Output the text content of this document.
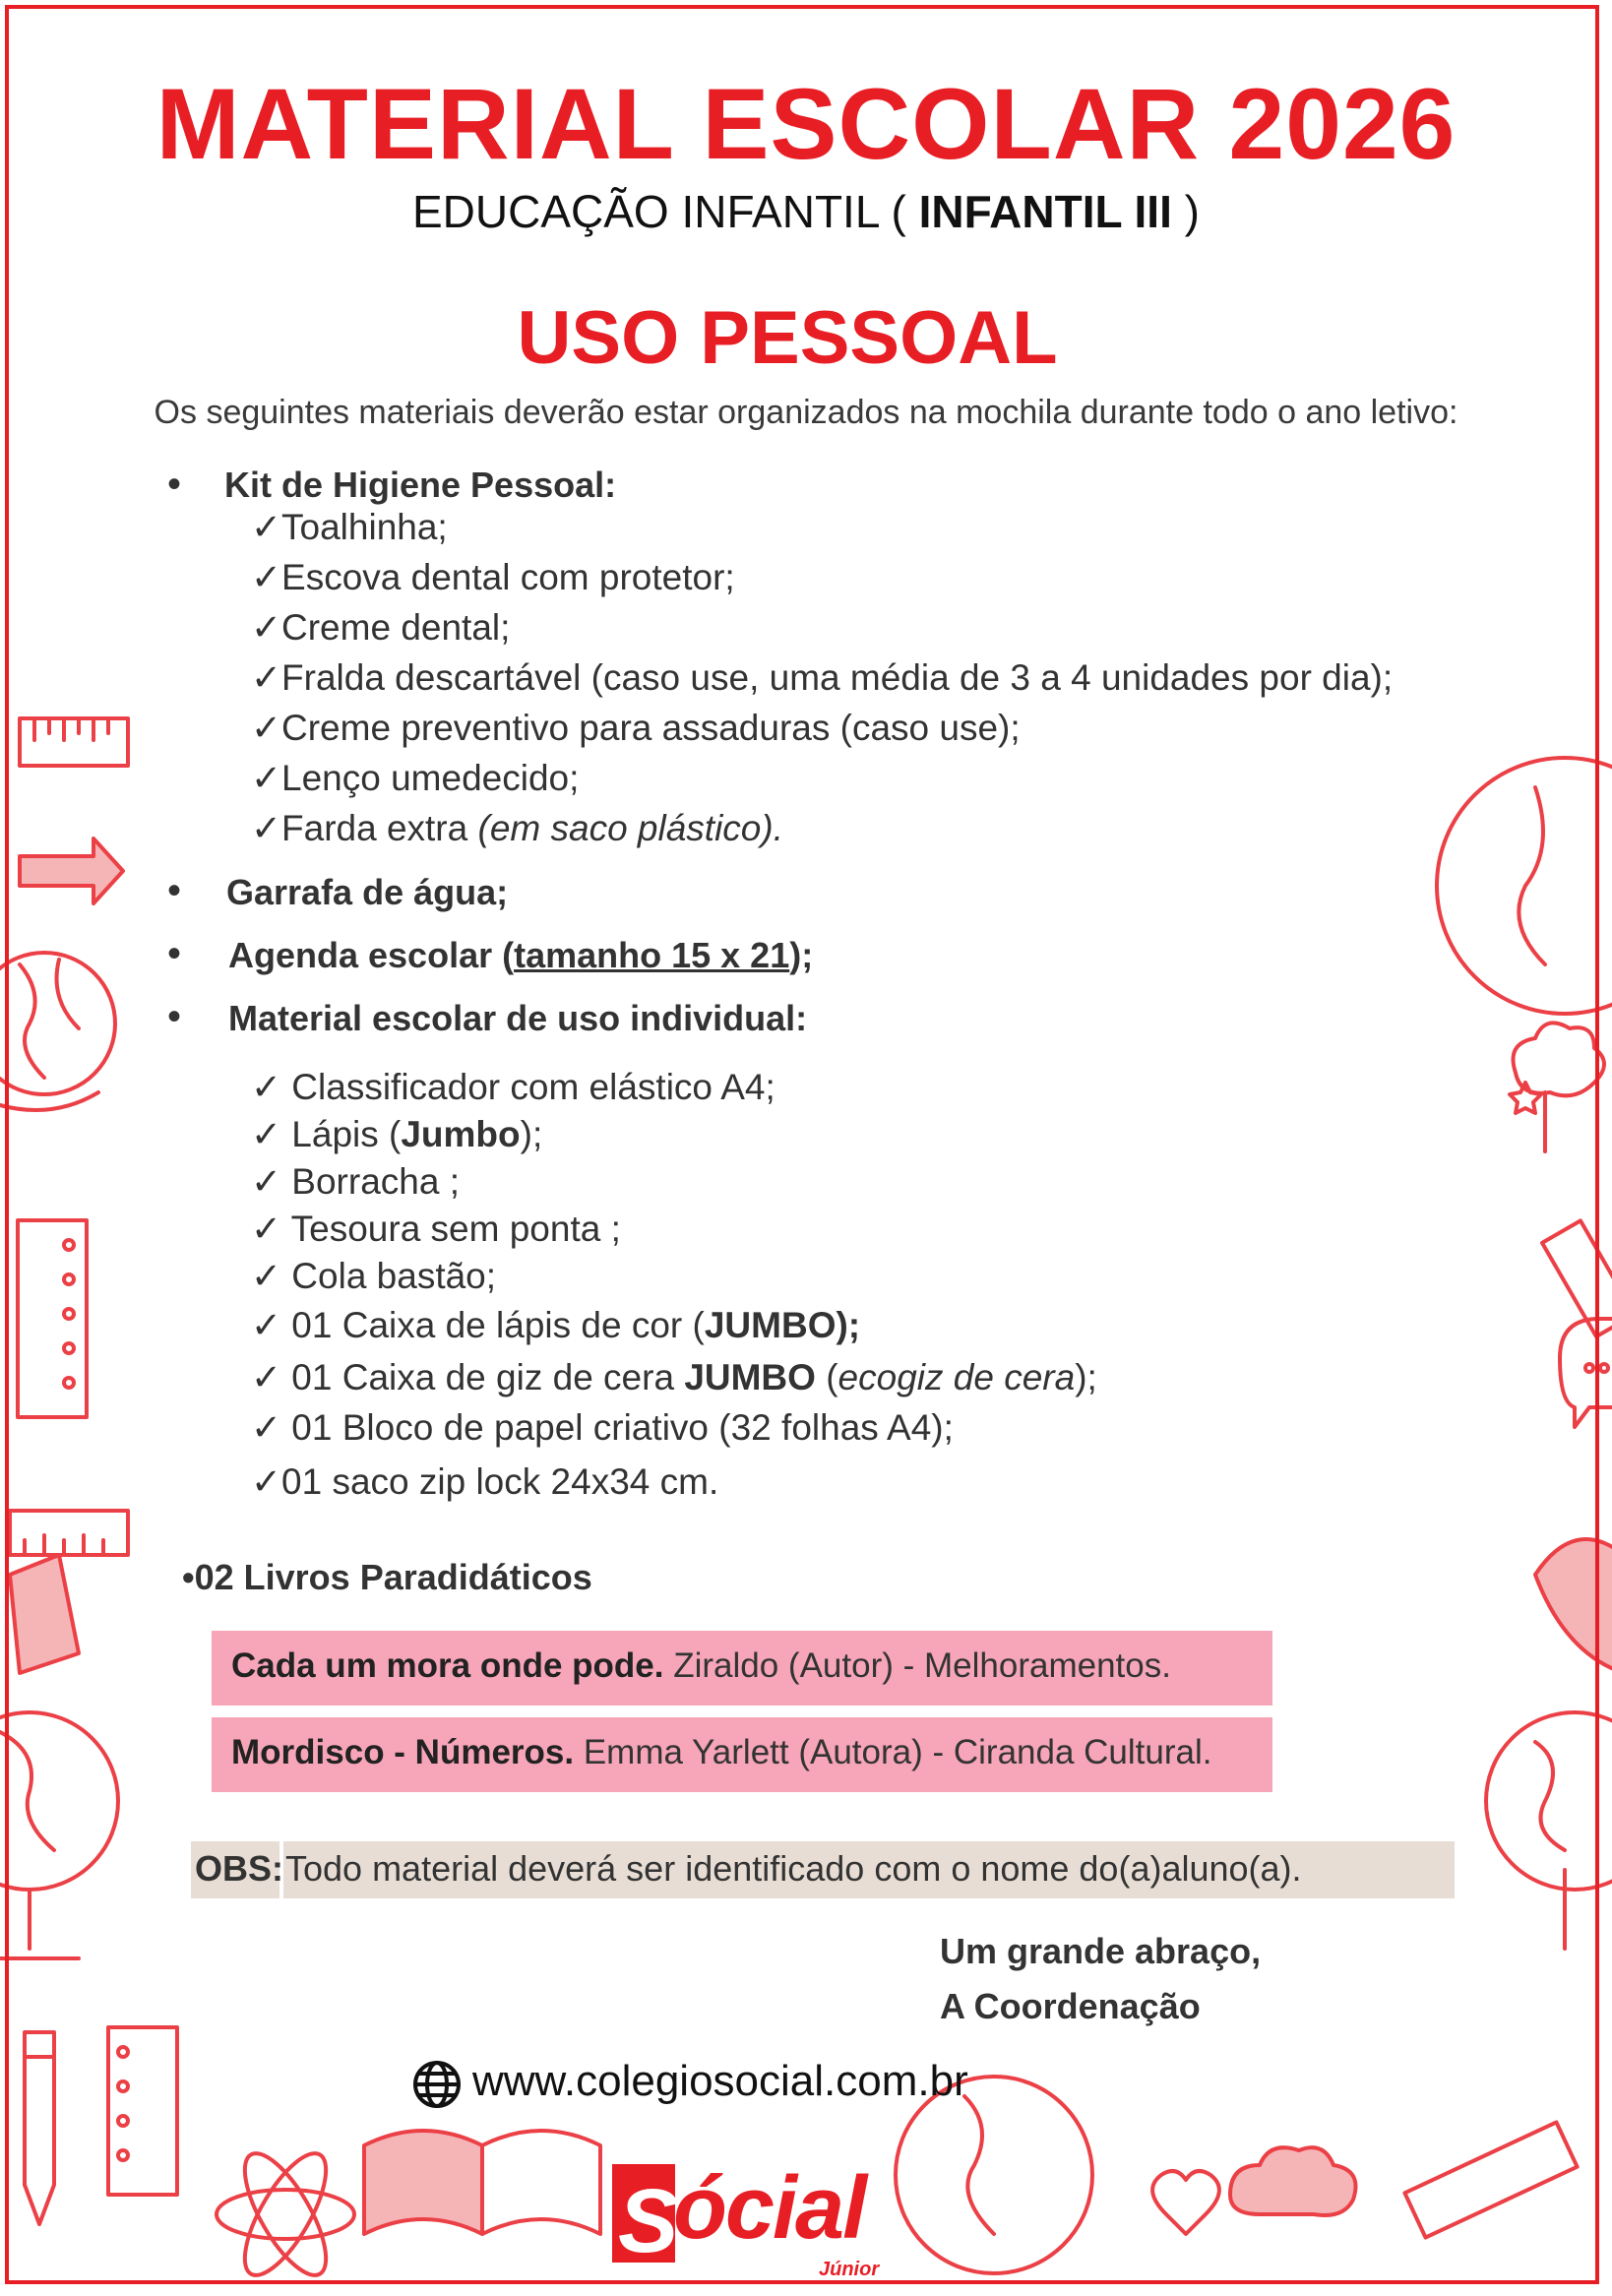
MATERIAL ESCOLAR 2026
EDUCAÇÃO INFANTIL ( INFANTIL III )
USO PESSOAL
Os seguintes materiais deverão estar organizados na mochila durante todo o ano letivo:
• Kit de Higiene Pessoal:
✓Toalhinha;
✓Escova dental com protetor;
✓Creme dental;
✓Fralda descartável (caso use, uma média de 3 a 4 unidades por dia);
✓Creme preventivo para assaduras (caso use);
✓Lenço umedecido;
✓Farda extra (em saco plástico).
• Garrafa de água;
• Agenda escolar (tamanho 15 x 21);
• Material escolar de uso individual:
✓ Classificador com elástico A4;
✓ Lápis (Jumbo);
✓ Borracha ;
✓ Tesoura sem ponta ;
✓ Cola bastão;
✓ 01 Caixa de lápis de cor (JUMBO);
✓ 01 Caixa de giz de cera JUMBO (ecogiz de cera);
✓ 01 Bloco de papel criativo (32 folhas A4);
✓01 saco zip lock 24x34 cm.
•02 Livros Paradidáticos
Cada um mora onde pode. Ziraldo (Autor) - Melhoramentos.
Mordisco - Números. Emma Yarlett (Autora) - Ciranda Cultural.
OBS: Todo material deverá ser identificado com o nome do(a)aluno(a).
Um grande abraço,
A Coordenação
www.colegiosocial.com.br
S
ócial
Júnior
